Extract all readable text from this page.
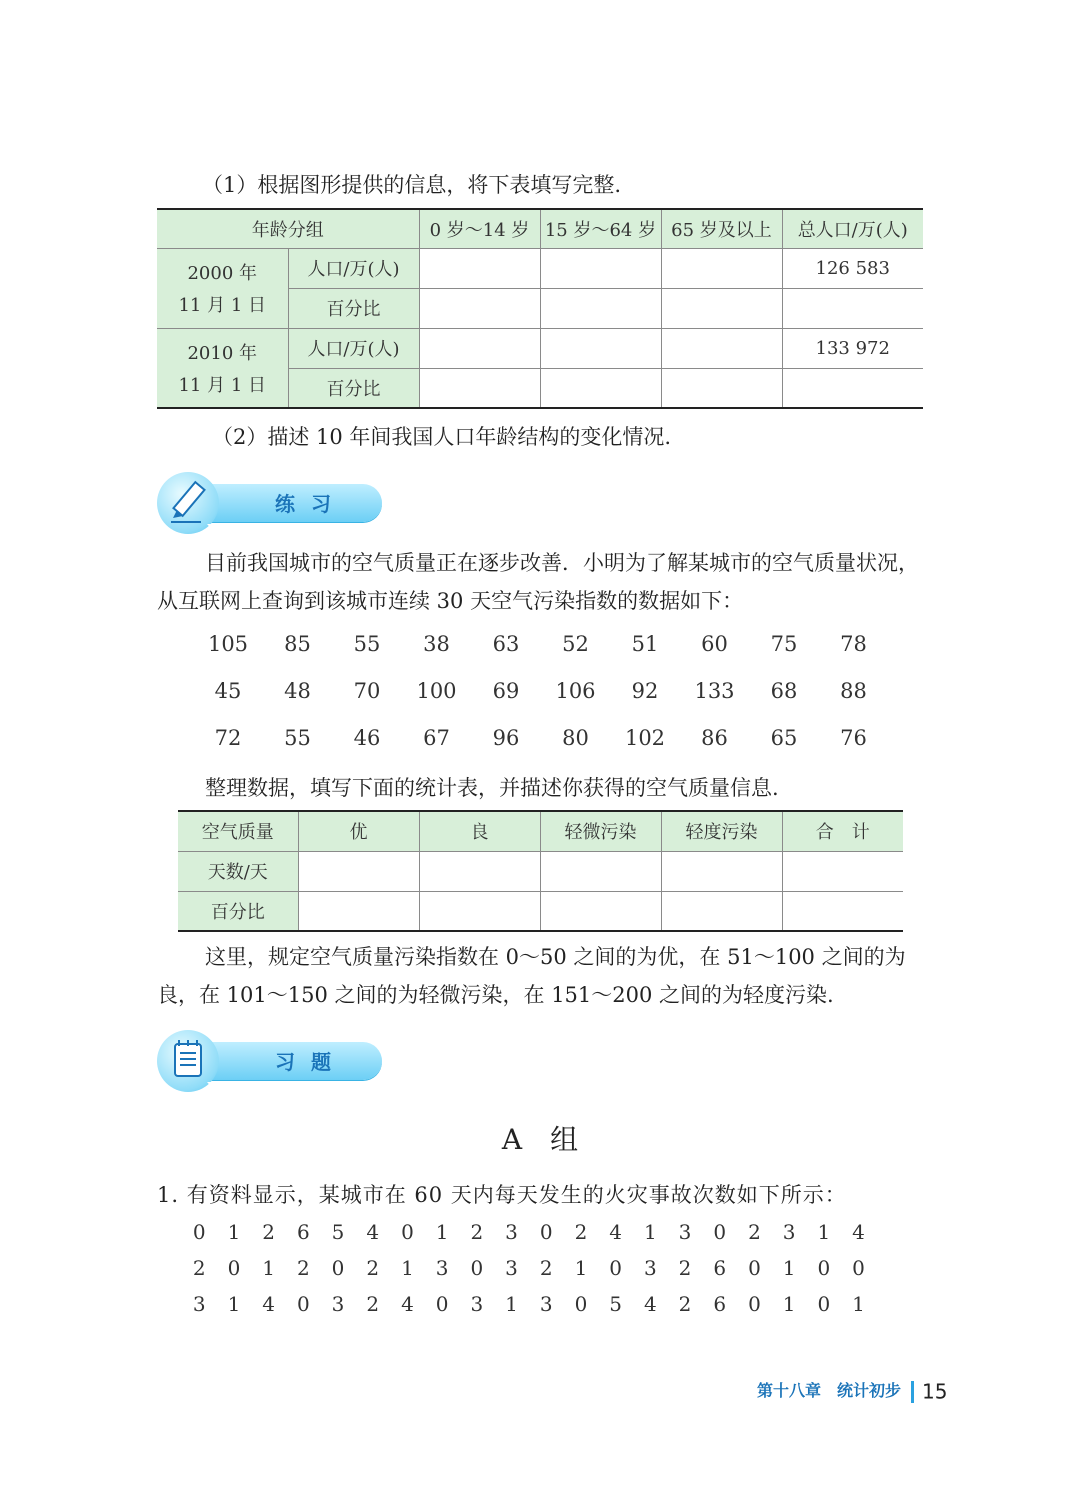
（1）根据图形提供的信息，将下表填写完整.
年龄分组		0 岁～14 岁	15 岁～64 岁	65 岁及以上	总人口/万(人)

2000 年
11 月 1 日	人口/万(人)				126 583
	百分比				

2010 年
11 月 1 日	人口/万(人)				133 972
	百分比				
（2）描述 10 年间我国人口年龄结构的变化情况.
练习
目前我国城市的空气质量正在逐步改善．小明为了解某城市的空气质量状况，从互联网上查询到该城市连续 30 天空气污染指数的数据如下：
105	85	55	38	63	52	51	60	75	78
45	48	70	100	69	106	92	133	68	88
72	55	46	67	96	80	102	86	65	76
整理数据，填写下面的统计表，并描述你获得的空气质量信息.
空气质量	优	良	轻微污染	轻度污染	合　计
天数/天					
百分比					
这里，规定空气质量污染指数在 0～50 之间的为优，在 51～100 之间的为良，在 101～150 之间的为轻微污染，在 151～200 之间的为轻度污染.
习题
A　组
1. 有资料显示，某城市在 60 天内每天发生的火灾事故次数如下所示：
0	1	2	6	5	4	0	1	2	3	0	2	4	1	3	0	2	3	1	4
2	0	1	2	0	2	1	3	0	3	2	1	0	3	2	6	0	1	0	0
3	1	4	0	3	2	4	0	3	1	3	0	5	4	2	6	0	1	0	1
第十八章　统计初步 15
